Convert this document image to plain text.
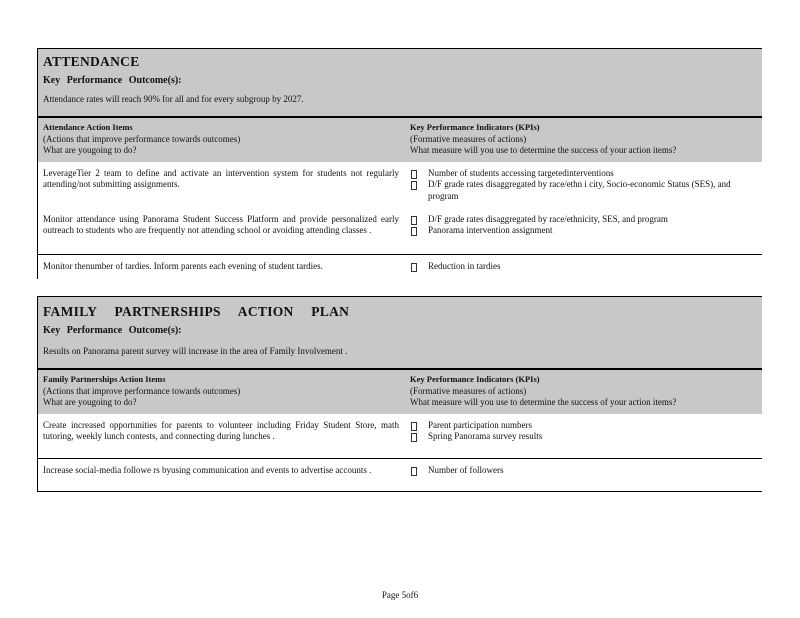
ATTENDANCE
Key Performance Outcome(s):
Attendance rates will reach 90% for all and for every subgroup by 2027.
Attendance Action Items
(Actions that improve performance towards outcomes)
What are yougoing to do?
Key Performance Indicators (KPIs)
(Formative measures of actions)
What measure will you use to determine the success of your action items?
LeverageTier 2 team to define and activate an intervention system for students not regularly attending/not submitting assignments.
Number of students accessing targetedinterventions
D/F grade rates disaggregated by race/ethn i city, Socio-economic Status (SES), and program
Monitor attendance using Panorama Student Success Platform and provide personalized early outreach to students who are frequently not attending school or avoiding attending classes .
D/F grade rates disaggregated by race/ethnicity, SES, and program
Panorama intervention assignment
Monitor thenumber of tardies. Inform parents each evening of student tardies.	Reduction in tardies
FAMILY PARTNERSHIPS ACTION PLAN
Key Performance Outcome(s):
Results on Panorama parent survey will increase in the area of Family Involvement .
Family Partnerships Action Items
(Actions that improve performance towards outcomes)
What are yougoing to do?
Key Performance Indicators (KPIs)
(Formative measures of actions)
What measure will you use to determine the success of your action items?
Create increased opportunities for parents to volunteer including Friday Student Store, math tutoring, weekly lunch contests, and connecting during lunches .
Parent participation numbers
Spring Panorama survey results
Increase social-media followe rs byusing communication and events to advertise accounts .	Number of followers
Page 5of6
